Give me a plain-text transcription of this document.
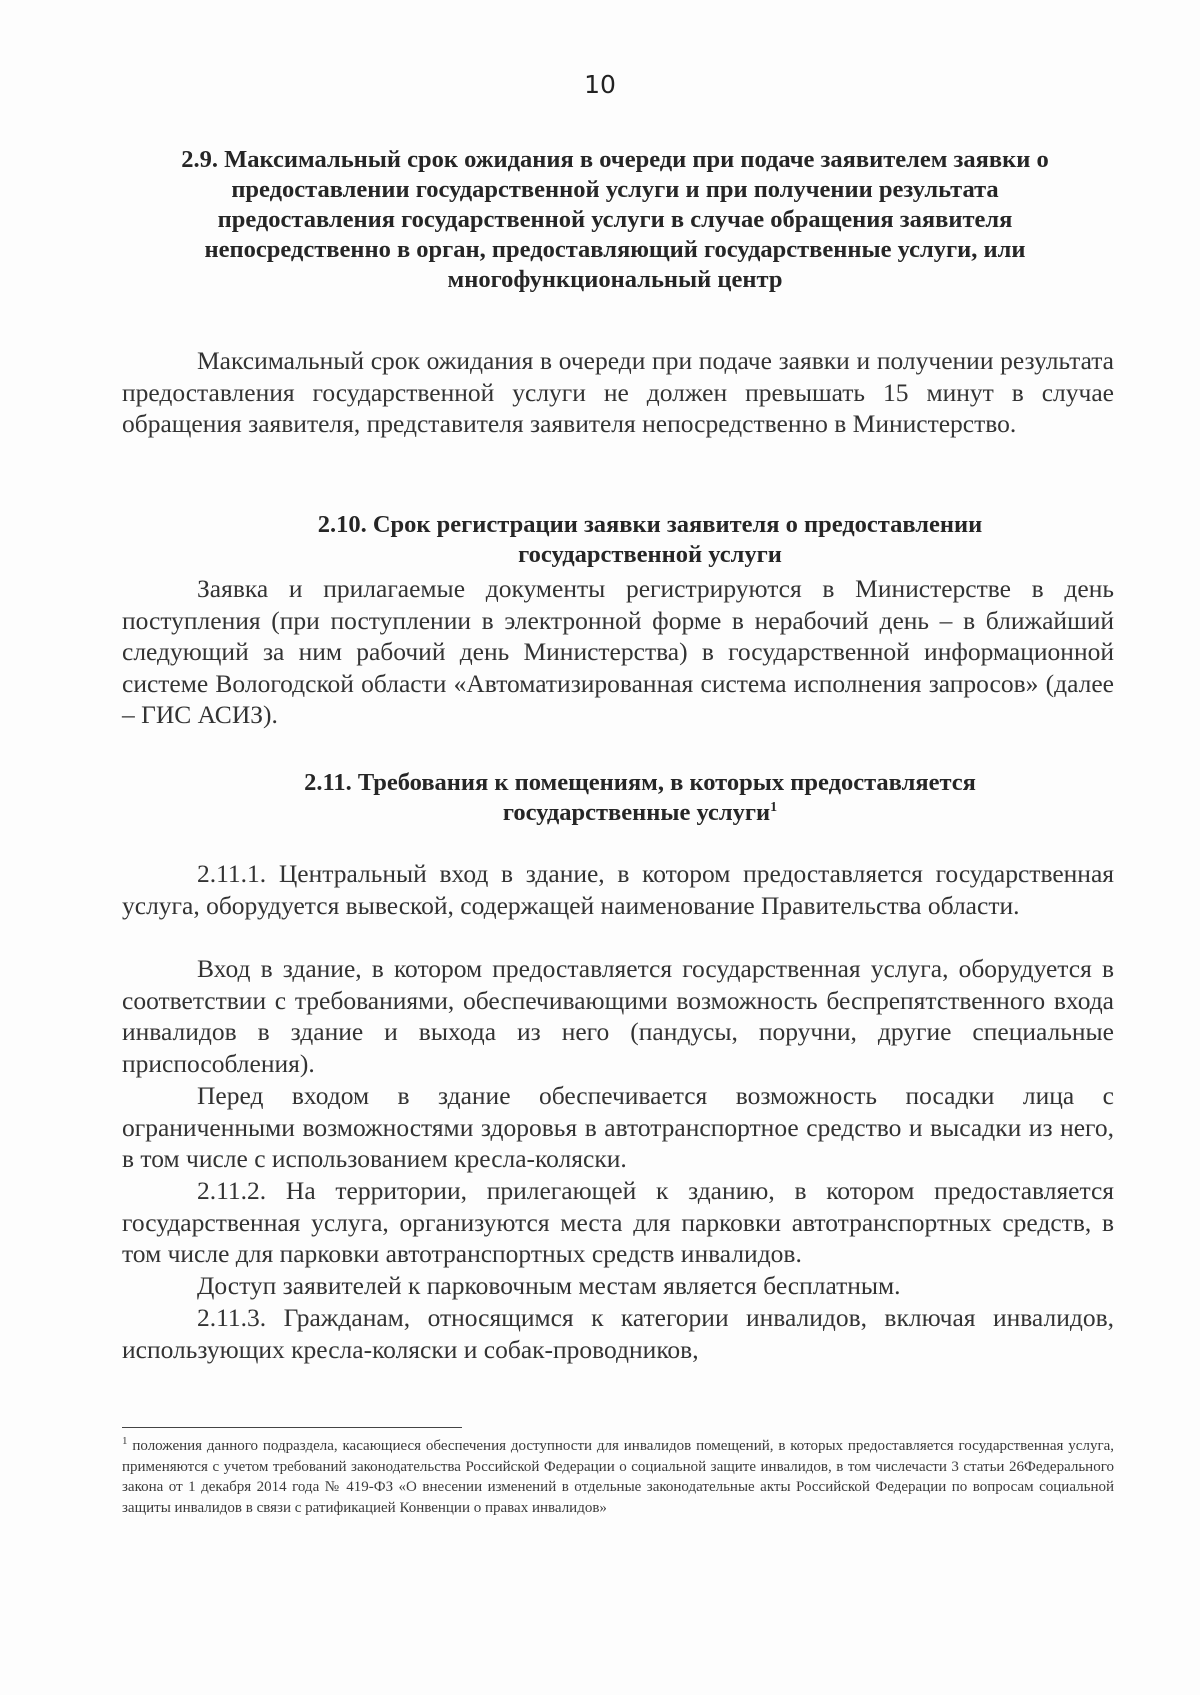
10
2.9. Максимальный срок ожидания в очереди при подаче заявителем заявки о предоставлении государственной услуги и при получении результата предоставления государственной услуги в случае обращения заявителя непосредственно в орган, предоставляющий государственные услуги, или многофункциональный центр
Максимальный срок ожидания в очереди при подаче заявки и получении результата предоставления государственной услуги не должен превышать 15 минут в случае обращения заявителя, представителя заявителя непосредственно в Министерство.
2.10. Срок регистрации заявки заявителя о предоставлении государственной услуги
Заявка и прилагаемые документы регистрируются в Министерстве в день поступления (при поступлении в электронной форме в нерабочий день – в ближайший следующий за ним рабочий день Министерства) в государственной информационной системе Вологодской области «Автоматизированная система исполнения запросов» (далее – ГИС АСИЗ).
2.11. Требования к помещениям, в которых предоставляется государственные услуги$^1$
2.11.1. Центральный вход в здание, в котором предоставляется государственная услуга, оборудуется вывеской, содержащей наименование Правительства области.
Вход в здание, в котором предоставляется государственная услуга, оборудуется в соответствии с требованиями, обеспечивающими возможность беспрепятственного входа инвалидов в здание и выхода из него (пандусы, поручни, другие специальные приспособления).
Перед входом в здание обеспечивается возможность посадки лица с ограниченными возможностями здоровья в автотранспортное средство и высадки из него, в том числе с использованием кресла-коляски.
2.11.2. На территории, прилегающей к зданию, в котором предоставляется государственная услуга, организуются места для парковки автотранспортных средств, в том числе для парковки автотранспортных средств инвалидов.
Доступ заявителей к парковочным местам является бесплатным.
2.11.3. Гражданам, относящимся к категории инвалидов, включая инвалидов, использующих кресла-коляски и собак-проводников,
$^1$ положения данного подраздела, касающиеся обеспечения доступности для инвалидов помещений, в которых предоставляется государственная услуга, применяются с учетом требований законодательства Российской Федерации о социальной защите инвалидов, в том числечасти 3 статьи 26Федерального закона от 1 декабря 2014 года № 419-ФЗ «О внесении изменений в отдельные законодательные акты Российской Федерации по вопросам социальной защиты инвалидов в связи с ратификацией Конвенции о правах инвалидов»
